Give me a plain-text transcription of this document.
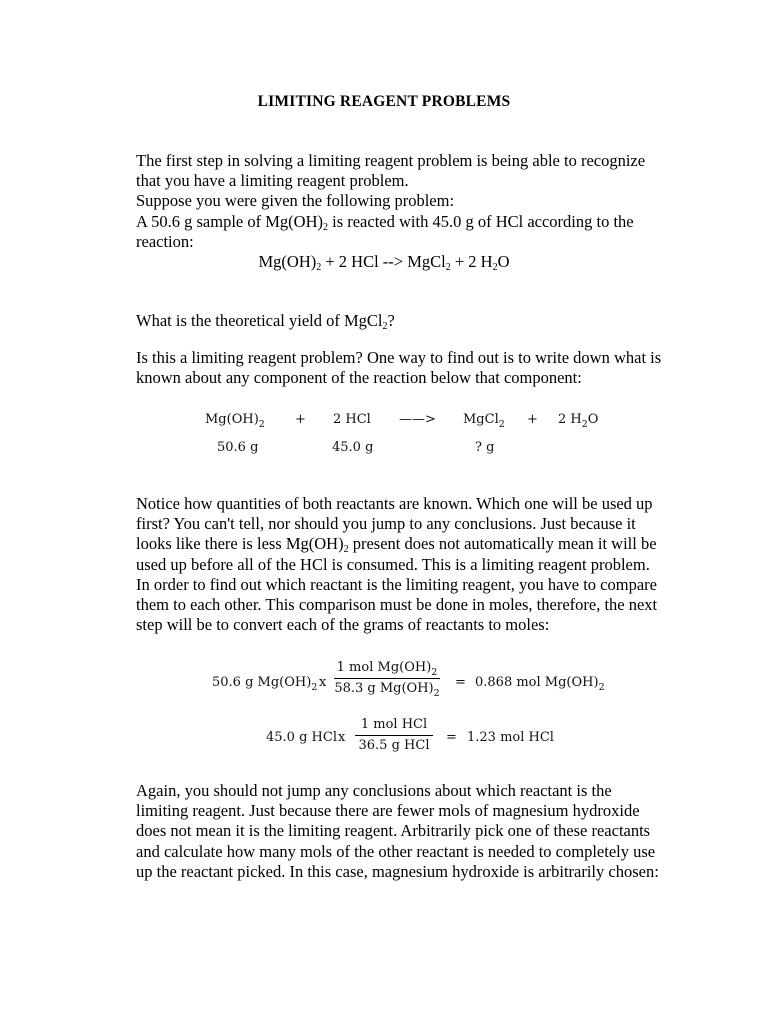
LIMITING REAGENT PROBLEMS
The first step in solving a limiting reagent problem is being able to recognize
that you have a limiting reagent problem.
Suppose you were given the following problem:
A 50.6 g sample of $Mg(OH)_2$ is reacted with 45.0 g of HCl according to the
reaction:
$Mg(OH)_2 + 2$ HCl --> MgCl$_2$ + 2 $H_2O$
What is the theoretical yield of MgCl$_2$?
Is this a limiting reagent problem? One way to find out is to write down what is
known about any component of the reaction below that component:
$Mg(OH)_2 + 2$ HCl ——> MgCl$_2$ + 2 $H_2O$
50.6 g	45.0 g	? g
Notice how quantities of both reactants are known. Which one will be used up
first? You can't tell, nor should you jump to any conclusions. Just because it
looks like there is less $Mg(OH)_2$ present does not automatically mean it will be
used up before all of the HCl is consumed. This is a limiting reagent problem.
In order to find out which reactant is the limiting reagent, you have to compare
them to each other. This comparison must be done in moles, therefore, the next
step will be to convert each of the grams of reactants to moles:
50.6 g $Mg(OH)_2$ x
1 mol $Mg(OH)_2$
58.3 g $Mg(OH)_2$
= 0.868 mol $Mg(OH)_2$
45.0 g HCl x
1 mol HCl
36.5 g HCl
= 1.23 mol HCl
Again, you should not jump any conclusions about which reactant is the
limiting reagent. Just because there are fewer mols of magnesium hydroxide
does not mean it is the limiting reagent. Arbitrarily pick one of these reactants
and calculate how many mols of the other reactant is needed to completely use
up the reactant picked. In this case, magnesium hydroxide is arbitrarily chosen:
